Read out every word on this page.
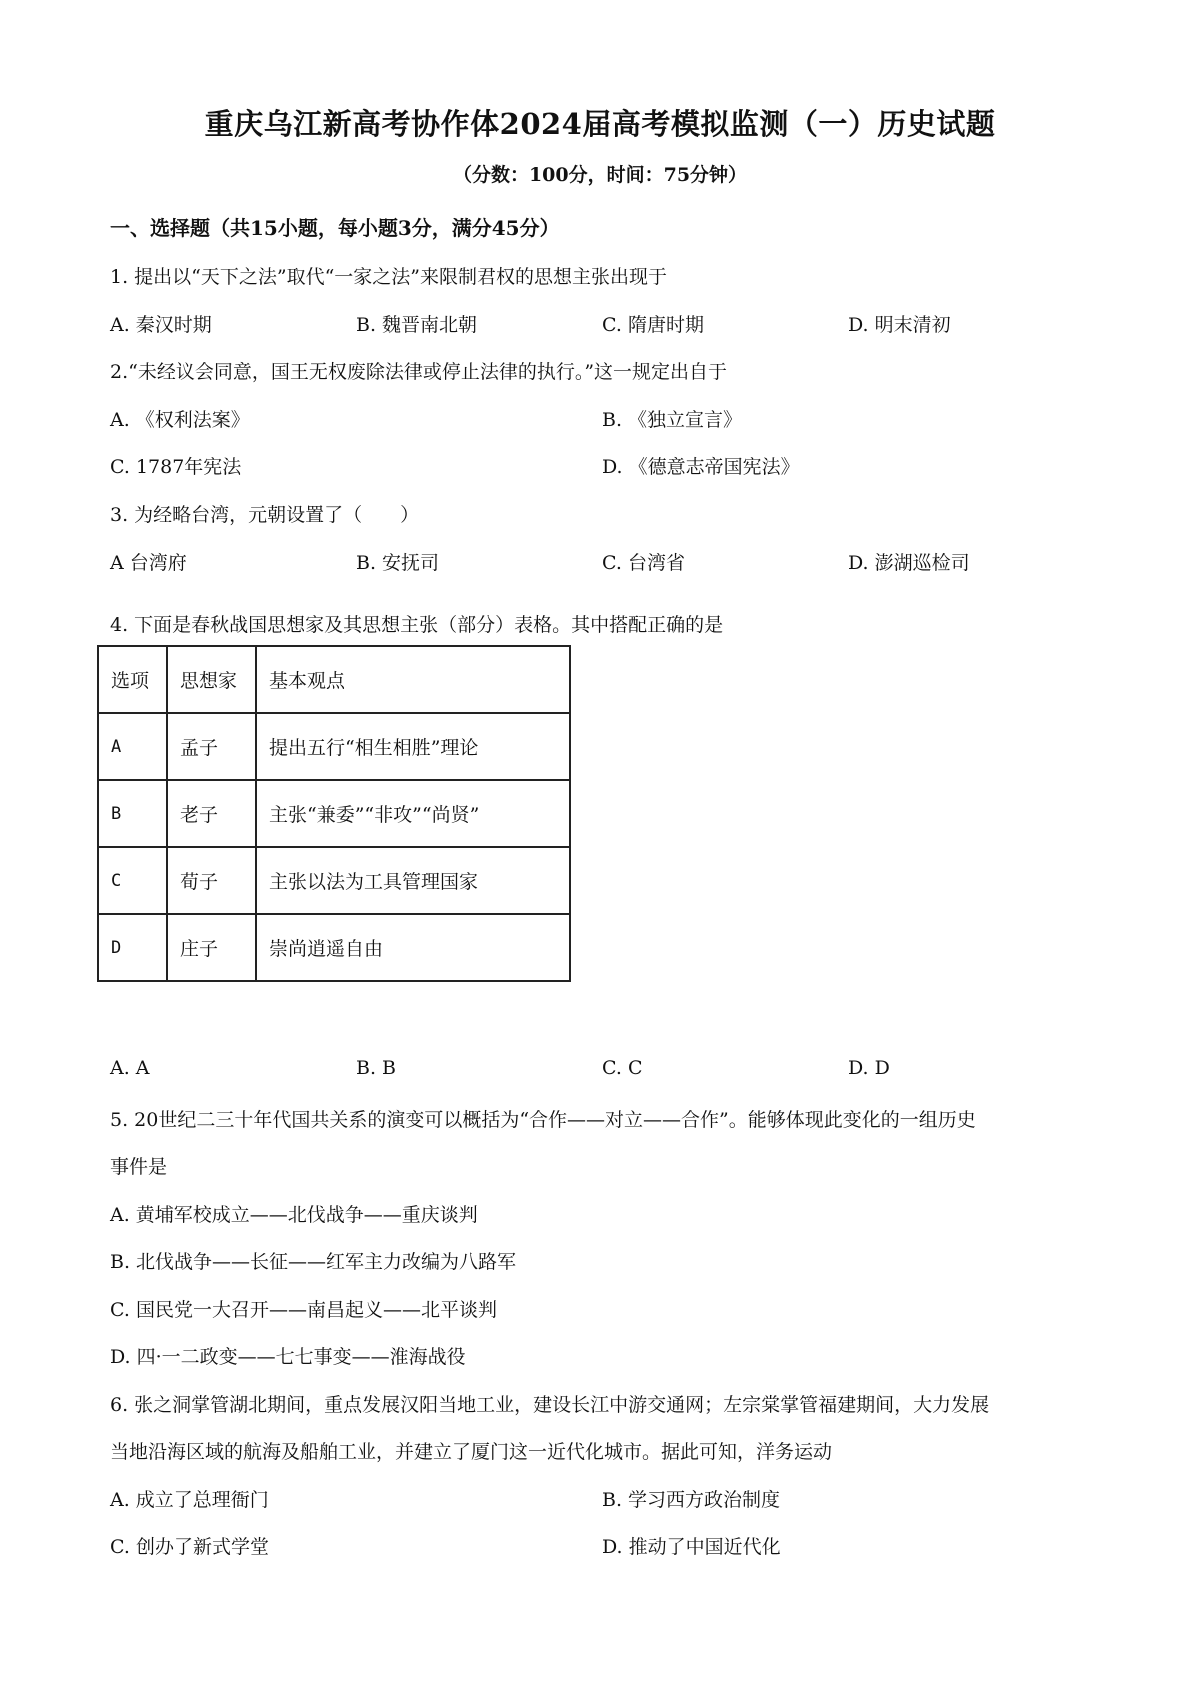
重庆乌江新高考协作体2024届高考模拟监测（一）历史试题
（分数：100分，时间：75分钟）
一、选择题（共15小题，每小题3分，满分45分）
1. 提出以“天下之法”取代“一家之法”来限制君权的思想主张出现于
A. 秦汉时期	B. 魏晋南北朝	C. 隋唐时期	D. 明末清初
2.“未经议会同意，国王无权废除法律或停止法律的执行。”这一规定出自于
A. 《权利法案》	B. 《独立宣言》
C. 1787年宪法	D. 《德意志帝国宪法》
3. 为经略台湾，元朝设置了（　　）
A 台湾府	B. 安抚司	C. 台湾省	D. 澎湖巡检司
4. 下面是春秋战国思想家及其思想主张（部分）表格。其中搭配正确的是
选项	思想家	基本观点
A	孟子	提出五行“相生相胜”理论
B	老子	主张“兼委”“非攻”“尚贤”
C	荀子	主张以法为工具管理国家
D	庄子	崇尚逍遥自由
A. A	B. B	C. C	D. D
5. 20世纪二三十年代国共关系的演变可以概括为“合作——对立——合作”。能够体现此变化的一组历史
事件是
A. 黄埔军校成立——北伐战争——重庆谈判
B. 北伐战争——长征——红军主力改编为八路军
C. 国民党一大召开——南昌起义——北平谈判
D. 四·一二政变——七七事变——淮海战役
6. 张之洞掌管湖北期间，重点发展汉阳当地工业，建设长江中游交通网；左宗棠掌管福建期间，大力发展
当地沿海区域的航海及船舶工业，并建立了厦门这一近代化城市。据此可知，洋务运动
A. 成立了总理衙门	B. 学习西方政治制度
C. 创办了新式学堂	D. 推动了中国近代化
